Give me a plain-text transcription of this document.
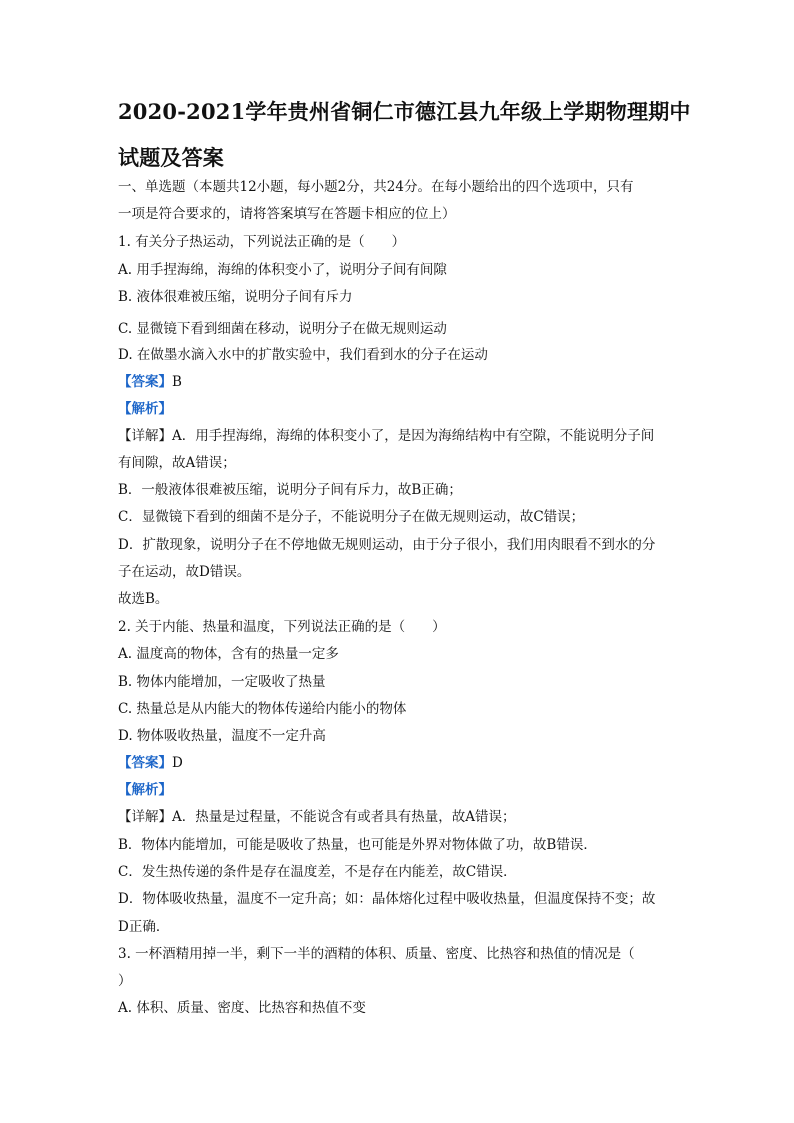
2020-2021学年贵州省铜仁市德江县九年级上学期物理期中
试题及答案
一、单选题（本题共12小题，每小题2分，共24分。在每小题给出的四个选项中，只有
一项是符合要求的，请将答案填写在答题卡相应的位上）
1. 有关分子热运动，下列说法正确的是（　　）
A. 用手捏海绵，海绵的体积变小了，说明分子间有间隙
B. 液体很难被压缩，说明分子间有斥力
C. 显微镜下看到细菌在移动，说明分子在做无规则运动
D. 在做墨水滴入水中的扩散实验中，我们看到水的分子在运动
【答案】B
【解析】
【详解】A．用手捏海绵，海绵的体积变小了，是因为海绵结构中有空隙，不能说明分子间
有间隙，故A错误；
B．一般液体很难被压缩，说明分子间有斥力，故B正确；
C．显微镜下看到的细菌不是分子，不能说明分子在做无规则运动，故C错误；
D．扩散现象，说明分子在不停地做无规则运动，由于分子很小，我们用肉眼看不到水的分
子在运动，故D错误。
故选B。
2. 关于内能、热量和温度，下列说法正确的是（　　）
A. 温度高的物体，含有的热量一定多
B. 物体内能增加，一定吸收了热量
C. 热量总是从内能大的物体传递给内能小的物体
D. 物体吸收热量，温度不一定升高
【答案】D
【解析】
【详解】A．热量是过程量，不能说含有或者具有热量，故A错误；
B．物体内能增加，可能是吸收了热量，也可能是外界对物体做了功，故B错误．
C．发生热传递的条件是存在温度差，不是存在内能差，故C错误．
D．物体吸收热量，温度不一定升高；如：晶体熔化过程中吸收热量，但温度保持不变；故
D正确．
3. 一杯酒精用掉一半，剩下一半的酒精的体积、质量、密度、比热容和热值的情况是（
）
A. 体积、质量、密度、比热容和热值不变
